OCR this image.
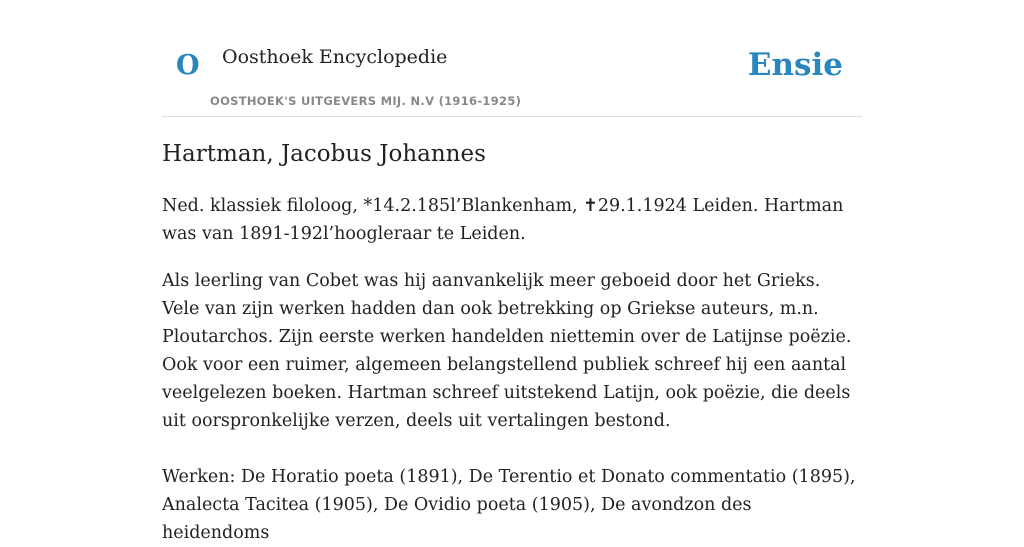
O Oosthoek Encyclopedie
OOSTHOEK'S UITGEVERS MIJ. N.V (1916-1925)
Ensie
Hartman, Jacobus Johannes

Ned. klassiek filoloog, *14.2.185l’Blankenham, ✝29.1.1924 Leiden. Hartman was van 1891-192l’hoogleraar te Leiden.

Als leerling van Cobet was hij aanvankelijk meer geboeid door het Grieks. Vele van zijn werken hadden dan ook betrekking op Griekse auteurs, m.n. Ploutarchos. Zijn eerste werken handelden niettemin over de Latijnse poëzie. Ook voor een ruimer, algemeen belangstellend publiek schreef hij een aantal veelgelezen boeken. Hartman schreef uitstekend Latijn, ook poëzie, die deels uit oorspronkelijke verzen, deels uit vertalingen bestond.

Werken: De Horatio poeta (1891), De Terentio et Donato commentatio (1895), Analecta Tacitea (1905), De Ovidio poeta (1905), De avondzon des heidendoms
